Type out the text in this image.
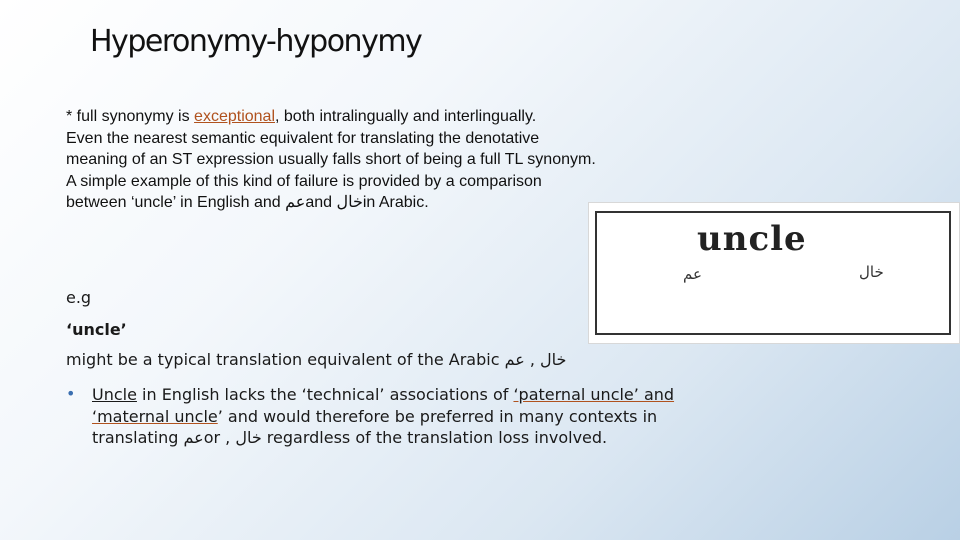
Hyperonymy-hyponymy
* full synonymy is exceptional, both intralingually and interlingually.
Even the nearest semantic equivalent for translating the denotative
meaning of an ST expression usually falls short of being a full TL synonym.
A simple example of this kind of failure is provided by a comparison
between ‘uncle’ in English and عمand خالin Arabic.
uncle
عم	خال
e.g
‘uncle’
might be a typical translation equivalent of the Arabic خال , عم
• Uncle in English lacks the ‘technical’ associations of ‘paternal uncle’ and
‘maternal uncle’ and would therefore be preferred in many contexts in
translating عمor , خال regardless of the translation loss involved.
